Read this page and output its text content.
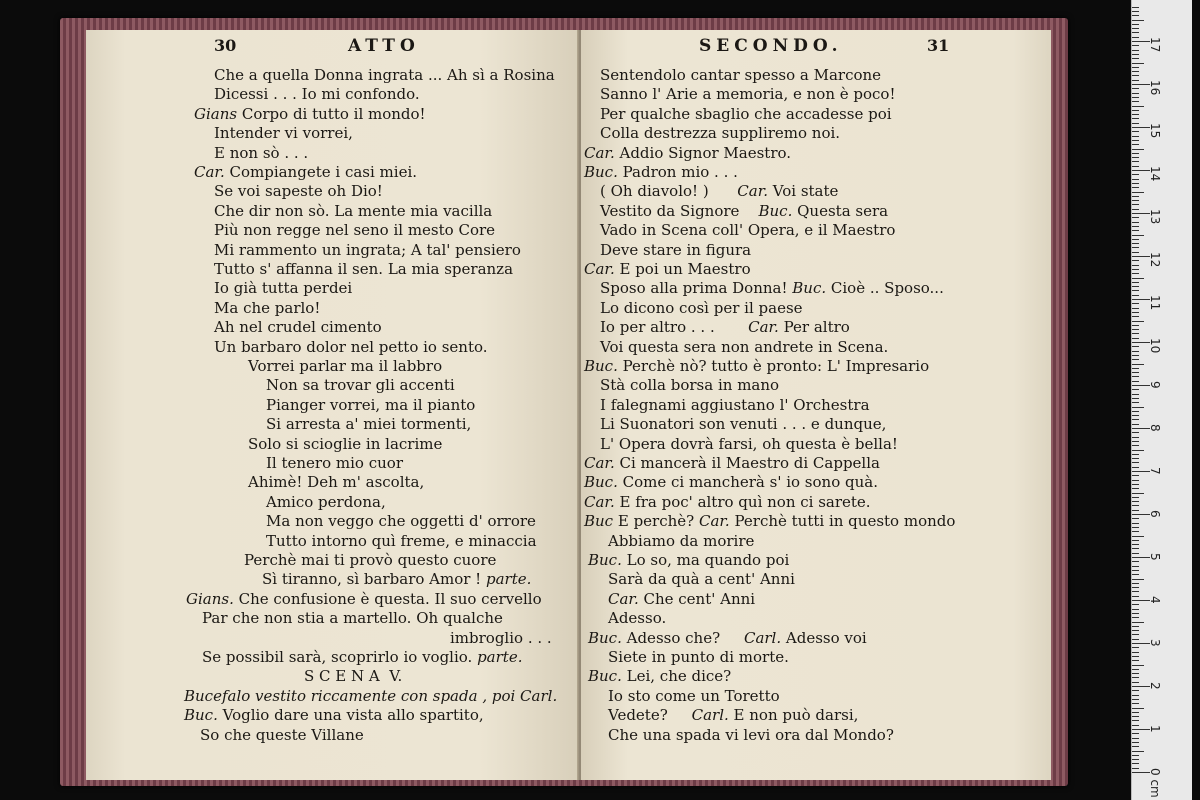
30	ATTO
Che a quella Donna ingrata ... Ah sì a Rosina
Dicessi . . . Io mi confondo.
Gians Corpo di tutto il mondo!
Intender vi vorrei,
E non sò . . .
Car. Compiangete i casi miei.
Se voi sapeste oh Dio!
Che dir non sò. La mente mia vacilla
Più non regge nel seno il mesto Core
Mi rammento un ingrata; A tal' pensiero
Tutto s' affanna il sen. La mia speranza
Io già tutta perdei
Ma che parlo!
Ah nel crudel cimento
Un barbaro dolor nel petto io sento.
Vorrei parlar ma il labbro
Non sa trovar gli accenti
Pianger vorrei, ma il pianto
Si arresta a' miei tormenti,
Solo si scioglie in lacrime
Il tenero mio cuor
Ahimè! Deh m' ascolta,
Amico perdona,
Ma non veggo che oggetti d' orrore
Tutto intorno quì freme, e minaccia
Perchè mai ti provò questo cuore
Sì tiranno, sì barbaro Amor ! parte.
Gians. Che confusione è questa. Il suo cervello
Par che non stia a martello. Oh qualche
imbroglio . . .
Se possibil sarà, scoprirlo io voglio. parte.
S C E N A  V.
Bucefalo vestito riccamente con spada , poi Carl.
Buc. Voglio dare una vista allo spartito,
So che queste Villane
SECONDO.	31
Sentendolo cantar spesso a Marcone
Sanno l' Arie a memoria, e non è poco!
Per qualche sbaglio che accadesse poi
Colla destrezza suppliremo noi.
Car. Addio Signor Maestro.
Buc. Padron mio . . .
( Oh diavolo! )      Car. Voi state
Vestito da Signore    Buc. Questa sera
Vado in Scena coll' Opera, e il Maestro
Deve stare in figura
Car. E poi un Maestro
Sposo alla prima Donna! Buc. Cioè .. Sposo...
Lo dicono così per il paese
Io per altro . . .       Car. Per altro
Voi questa sera non andrete in Scena.
Buc. Perchè nò? tutto è pronto: L' Impresario
Stà colla borsa in mano
I falegnami aggiustano l' Orchestra
Li Suonatori son venuti . . . e dunque,
L' Opera dovrà farsi, oh questa è bella!
Car. Ci mancerà il Maestro di Cappella
Buc. Come ci mancherà s' io sono quà.
Car. E fra poc' altro quì non ci sarete.
Buc E perchè? Car. Perchè tutti in questo mondo
Abbiamo da morire
Buc. Lo so, ma quando poi
Sarà da quà a cent' Anni
Car. Che cent' Anni
Adesso.
Buc. Adesso che?     Carl. Adesso voi
Siete in punto di morte.
Buc. Lei, che dice?
Io sto come un Toretto
Vedete?     Carl. E non può darsi,
Che una spada vi levi ora dal Mondo?
0 cm
1
2
3
4
5
6
7
8
9
10
11
12
13
14
15
16
17
